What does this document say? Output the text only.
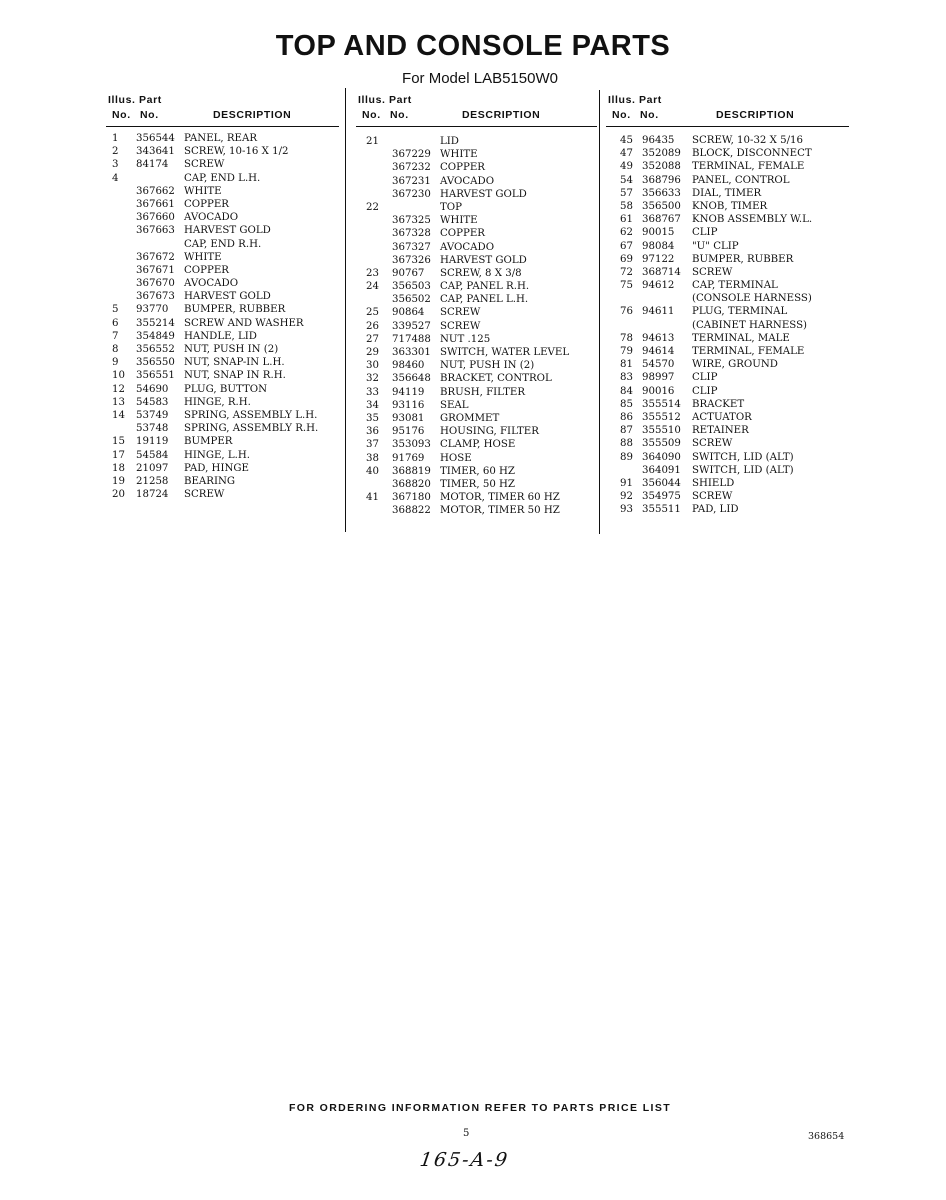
TOP AND CONSOLE PARTS
For Model LAB5150W0
Illus. Part
No. No.	DESCRIPTION
1 356544 PANEL, REAR
2 343641 SCREW, 10-16 X 1/2
3 84174 SCREW
4	CAP, END L.H.
367662 WHITE
367661 COPPER
367660 AVOCADO
367663 HARVEST GOLD
CAP, END R.H.
367672 WHITE
367671 COPPER
367670 AVOCADO
367673 HARVEST GOLD
5 93770 BUMPER, RUBBER
6 355214 SCREW AND WASHER
7 354849 HANDLE, LID
8 356552 NUT, PUSH IN (2)
9 356550 NUT, SNAP-IN L.H.
10 356551 NUT, SNAP IN R.H.
12 54690 PLUG, BUTTON
13 54583 HINGE, R.H.
14 53749 SPRING, ASSEMBLY L.H.
53748 SPRING, ASSEMBLY R.H.
15 19119 BUMPER
17 54584 HINGE, L.H.
18 21097 PAD, HINGE
19 21258 BEARING
20 18724 SCREW
Illus. Part
No. No.	DESCRIPTION
21	LID
367229 WHITE
367232 COPPER
367231 AVOCADO
367230 HARVEST GOLD
22	TOP
367325 WHITE
367328 COPPER
367327 AVOCADO
367326 HARVEST GOLD
23 90767 SCREW, 8 X 3/8
24 356503 CAP, PANEL R.H.
356502 CAP, PANEL L.H.
25 90864 SCREW
26 339527 SCREW
27 717488 NUT .125
29 363301 SWITCH, WATER LEVEL
30 98460 NUT, PUSH IN (2)
32 356648 BRACKET, CONTROL
33 94119 BRUSH, FILTER
34 93116 SEAL
35 93081 GROMMET
36 95176 HOUSING, FILTER
37 353093 CLAMP, HOSE
38 91769 HOSE
40 368819 TIMER, 60 HZ
368820 TIMER, 50 HZ
41 367180 MOTOR, TIMER 60 HZ
368822 MOTOR, TIMER 50 HZ
Illus. Part
No. No.	DESCRIPTION
45 96435 SCREW, 10-32 X 5/16
47 352089 BLOCK, DISCONNECT
49 352088 TERMINAL, FEMALE
54 368796 PANEL, CONTROL
57 356633 DIAL, TIMER
58 356500 KNOB, TIMER
61 368767 KNOB ASSEMBLY W.L.
62 90015 CLIP
67 98084 "U" CLIP
69 97122 BUMPER, RUBBER
72 368714 SCREW
75 94612 CAP, TERMINAL
(CONSOLE HARNESS)
76 94611 PLUG, TERMINAL
(CABINET HARNESS)
78 94613 TERMINAL, MALE
79 94614 TERMINAL, FEMALE
81 54570 WIRE, GROUND
83 98997 CLIP
84 90016 CLIP
85 355514 BRACKET
86 355512 ACTUATOR
87 355510 RETAINER
88 355509 SCREW
89 364090 SWITCH, LID (ALT)
364091 SWITCH, LID (ALT)
91 356044 SHIELD
92 354975 SCREW
93 355511 PAD, LID
FOR ORDERING INFORMATION REFER TO PARTS PRICE LIST
5	368654
165-A-9
